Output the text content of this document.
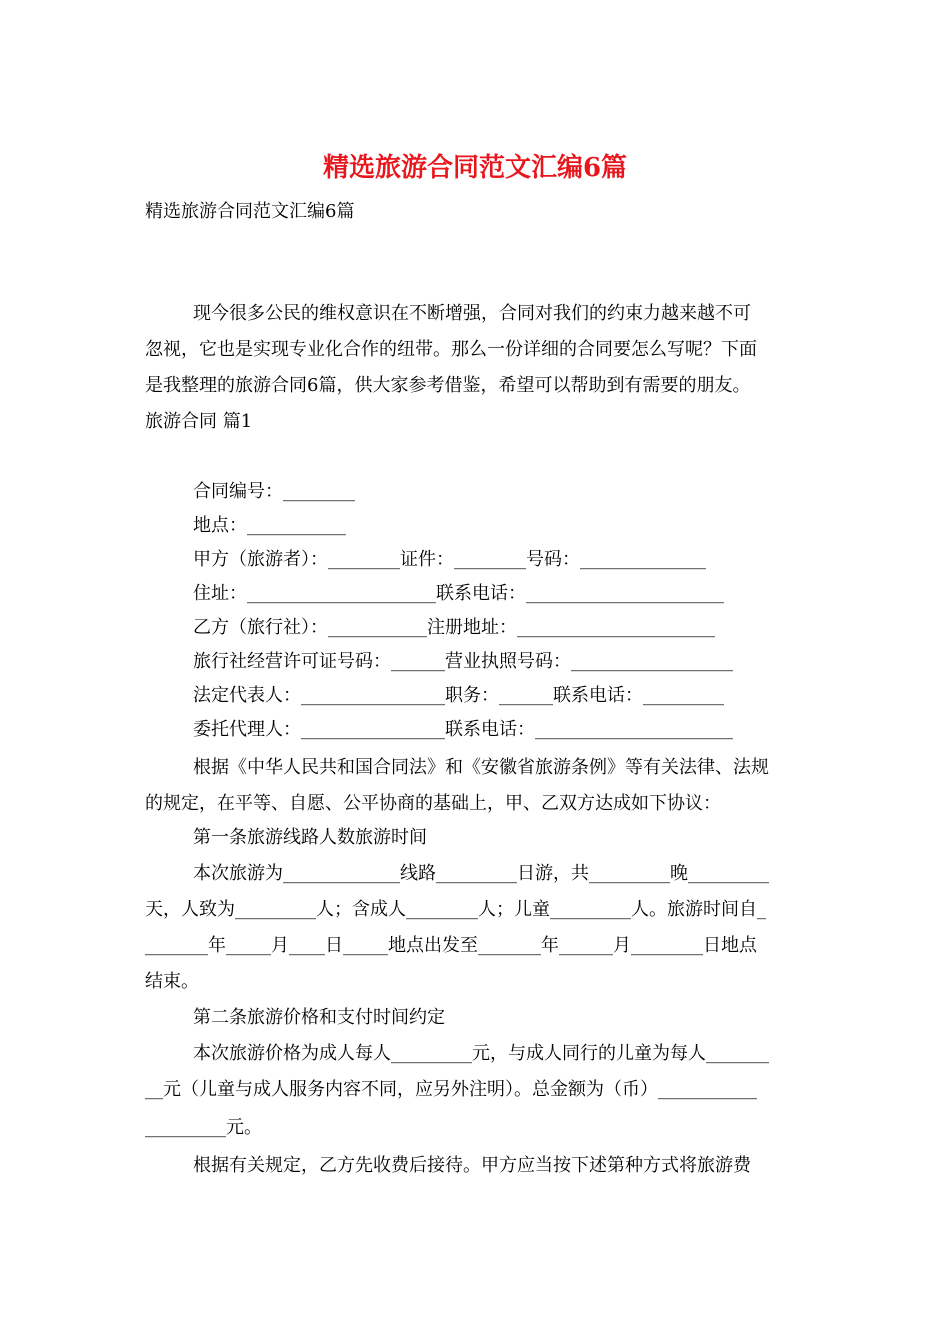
精选旅游合同范文汇编6篇
精选旅游合同范文汇编6篇
现今很多公民的维权意识在不断增强，合同对我们的约束力越来越不可
忽视，它也是实现专业化合作的纽带。那么一份详细的合同要怎么写呢？下面
是我整理的旅游合同6篇，供大家参考借鉴，希望可以帮助到有需要的朋友。
旅游合同 篇1
合同编号：________
地点：___________
甲方（旅游者）：________证件：________号码：______________
住址：_____________________联系电话：______________________
乙方（旅行社）：___________注册地址：______________________
旅行社经营许可证号码：______营业执照号码：__________________
法定代表人：________________职务：______联系电话：_________
委托代理人：________________联系电话：______________________
根据《中华人民共和国合同法》和《安徽省旅游条例》等有关法律、法规
的规定，在平等、自愿、公平协商的基础上，甲、乙双方达成如下协议：
第一条旅游线路人数旅游时间
本次旅游为_____________线路_________日游，共_________晚_________
天，人致为_________人；含成人________人；儿童_________人。旅游时间自_
_______年_____月____日_____地点出发至_______年______月________日地点
结束。
第二条旅游价格和支付时间约定
本次旅游价格为成人每人_________元，与成人同行的儿童为每人_______
__元（儿童与成人服务内容不同，应另外注明）。总金额为（币）___________
_________元。
根据有关规定，乙方先收费后接待。甲方应当按下述第种方式将旅游费
